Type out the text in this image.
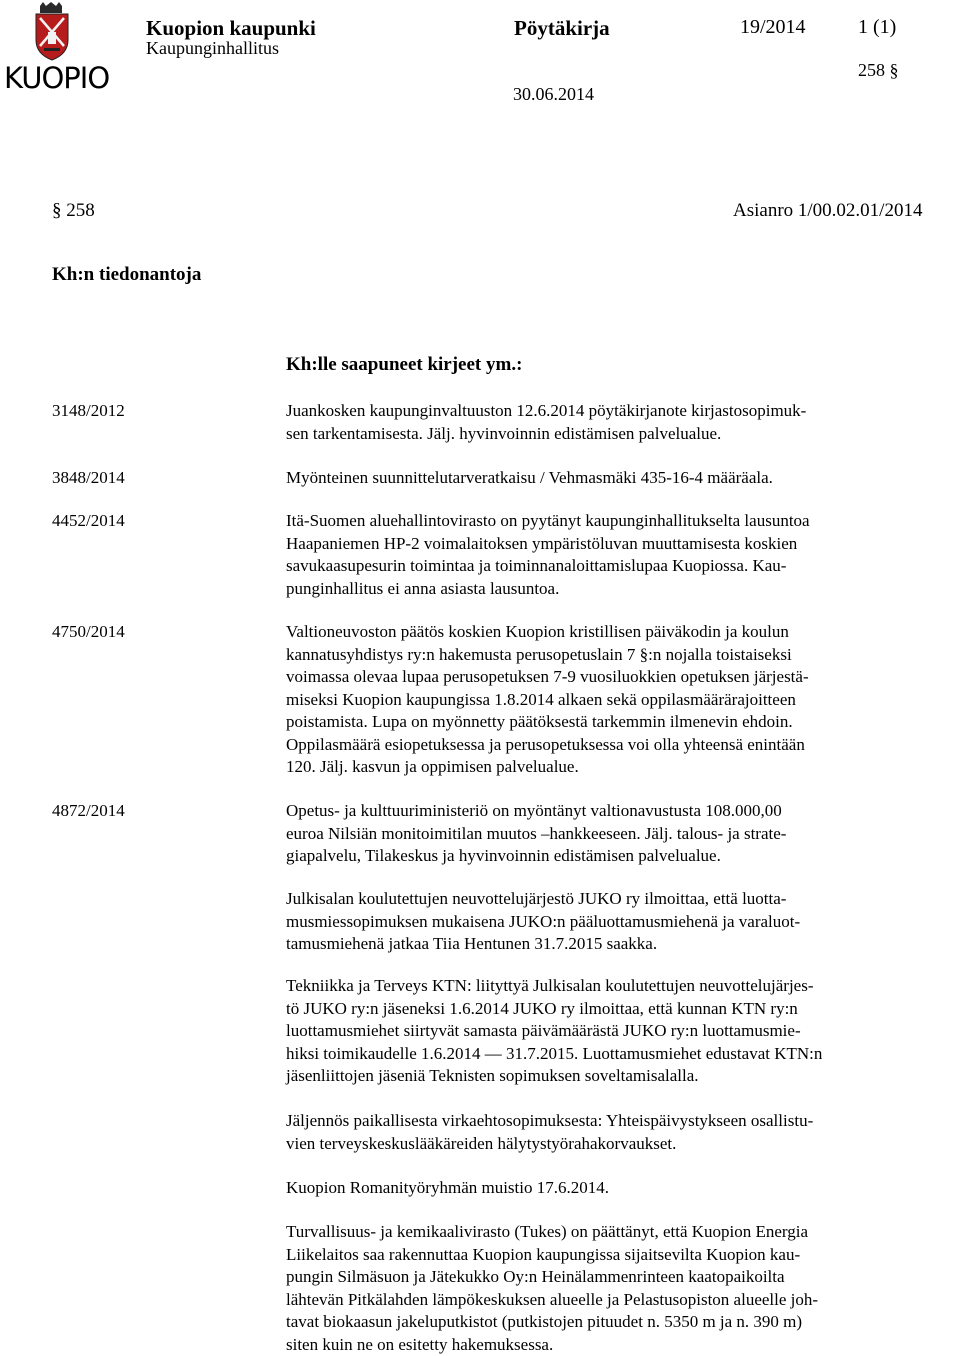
KUOPIO
Kuopion kaupunki
Kaupunginhallitus
Pöytäkirja	19/2014	1 (1)
258 §
30.06.2014
§ 258	Asianro 1/00.02.01/2014
Kh:n tiedonantoja
Kh:lle saapuneet kirjeet ym.:
3148/2012	Juankosken kaupunginvaltuuston 12.6.2014 pöytäkirjanote kirjastosopimuk-
sen tarkentamisesta. Jälj. hyvinvoinnin edistämisen palvelualue.
3848/2014	Myönteinen suunnittelutarveratkaisu / Vehmasmäki 435-16-4 määräala.
4452/2014	Itä-Suomen aluehallintovirasto on pyytänyt kaupunginhallitukselta lausuntoa
Haapaniemen HP-2 voimalaitoksen ympäristöluvan muuttamisesta koskien
savukaasupesurin toimintaa ja toiminnanaloittamislupaa Kuopiossa. Kau-
punginhallitus ei anna asiasta lausuntoa.
4750/2014	Valtioneuvoston päätös koskien Kuopion kristillisen päiväkodin ja koulun
kannatusyhdistys ry:n hakemusta perusopetuslain 7 §:n nojalla toistaiseksi
voimassa olevaa lupaa perusopetuksen 7-9 vuosiluokkien opetuksen järjestä-
miseksi Kuopion kaupungissa 1.8.2014 alkaen sekä oppilasmäärärajoitteen
poistamista. Lupa on myönnetty päätöksestä tarkemmin ilmenevin ehdoin.
Oppilasmäärä esiopetuksessa ja perusopetuksessa voi olla yhteensä enintään
120. Jälj. kasvun ja oppimisen palvelualue.
4872/2014	Opetus- ja kulttuuriministeriö on myöntänyt valtionavustusta 108.000,00
euroa Nilsiän monitoimitilan muutos –hankkeeseen. Jälj. talous- ja strate-
giapalvelu, Tilakeskus ja hyvinvoinnin edistämisen palvelualue.
Julkisalan koulutettujen neuvottelujärjestö JUKO ry ilmoittaa, että luotta-
musmiessopimuksen mukaisena JUKO:n pääluottamusmiehenä ja varaluot-
tamusmiehenä jatkaa Tiia Hentunen 31.7.2015 saakka.
Tekniikka ja Terveys KTN: liityttyä Julkisalan koulutettujen neuvottelujärjes-
tö JUKO ry:n jäseneksi 1.6.2014 JUKO ry ilmoittaa, että kunnan KTN ry:n
luottamusmiehet siirtyvät samasta päivämäärästä JUKO ry:n luottamusmie-
hiksi toimikaudelle 1.6.2014 — 31.7.2015. Luottamusmiehet edustavat KTN:n
jäsenliittojen jäseniä Teknisten sopimuksen soveltamisalalla.
Jäljennös paikallisesta virkaehtosopimuksesta: Yhteispäivystykseen osallistu-
vien terveyskeskuslääkäreiden hälytystyörahakorvaukset.
Kuopion Romanityöryhmän muistio 17.6.2014.
Turvallisuus- ja kemikaalivirasto (Tukes) on päättänyt, että Kuopion Energia
Liikelaitos saa rakennuttaa Kuopion kaupungissa sijaitsevilta Kuopion kau-
pungin Silmäsuon ja Jätekukko Oy:n Heinälammenrinteen kaatopaikoilta
lähtevän Pitkälahden lämpökeskuksen alueelle ja Pelastusopiston alueelle joh-
tavat biokaasun jakeluputkistot (putkistojen pituudet n. 5350 m ja n. 390 m)
siten kuin ne on esitetty hakemuksessa.
